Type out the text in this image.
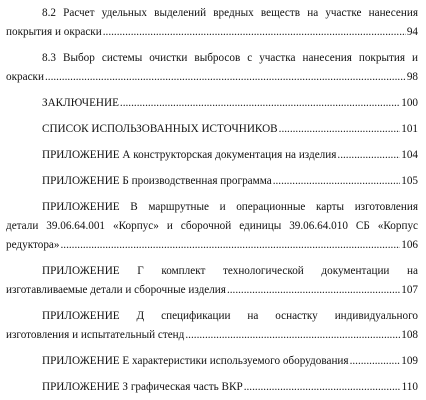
8.2 Расчет удельных выделений вредных веществ на участке нанесения
покрытия и окраски .....	94
8.3 Выбор системы очистки выбросов с участка нанесения покрытия и
окраски .....	98
ЗАКЛЮЧЕНИЕ .....	100
СПИСОК ИСПОЛЬЗОВАННЫХ ИСТОЧНИКОВ .....	101
ПРИЛОЖЕНИЕ А конструкторская документация на изделия .....	104
ПРИЛОЖЕНИЕ Б производственная программа .....	105
ПРИЛОЖЕНИЕ В маршрутные и операционные карты изготовления
детали 39.06.64.001 «Корпус» и сборочной единицы 39.06.64.010 СБ «Корпус
редуктора» .....	106
ПРИЛОЖЕНИЕ Г комплект технологической документации на
изготавливаемые детали и сборочные изделия .....	107
ПРИЛОЖЕНИЕ Д спецификации на оснастку индивидуального
изготовления и испытательный стенд .....	108
ПРИЛОЖЕНИЕ Е характеристики используемого оборудования .....	109
ПРИЛОЖЕНИЕ З графическая часть ВКР .....	110
